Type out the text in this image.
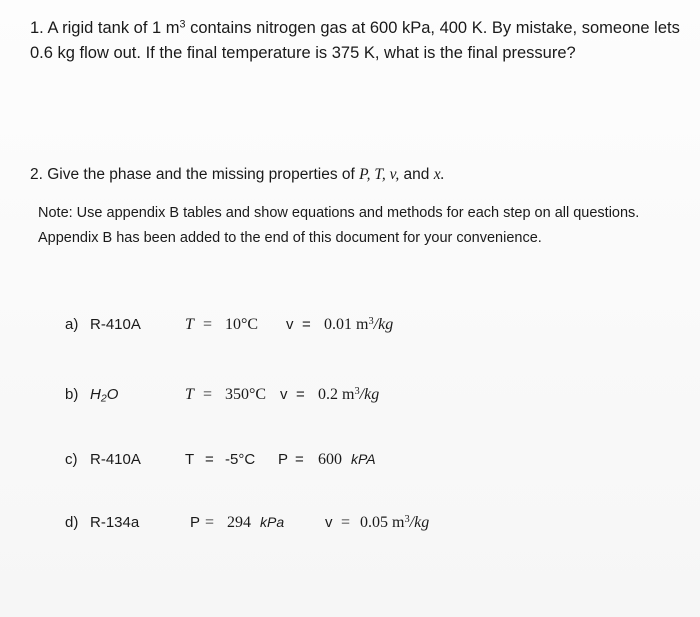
1. A rigid tank of 1 $m^3$ contains nitrogen gas at 600 kPa, 400 K. By mistake, someone lets 0.6 kg flow out. If the final temperature is 375 K, what is the final pressure?
2. Give the phase and the missing properties of P, T, v, and x.
Note: Use appendix B tables and show equations and methods for each step on all questions. Appendix B has been added to the end of this document for your convenience.
a) R-410A	T = 10°C v = 0.01 $m^3/kg$
b) $H_2O$	T = 350°C v = 0.2 $m^3/kg$
c) R-410A	T = -5°C P = 600 kPA
d) R-134a	P = 294 kPa	v = 0.05 $m^3/kg$
